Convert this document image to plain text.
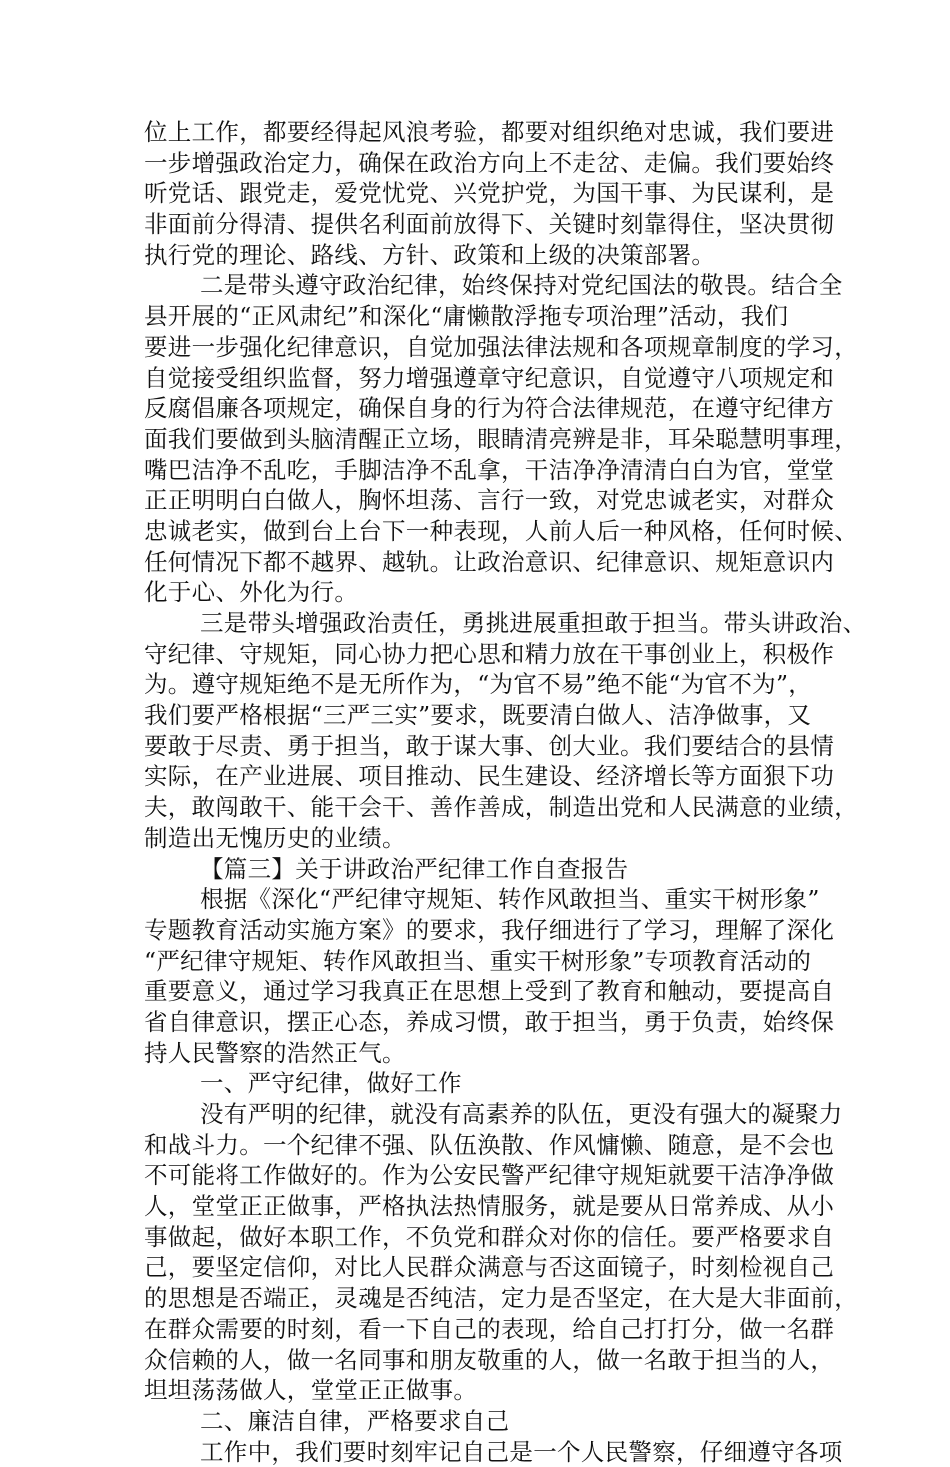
位上工作，都要经得起风浪考验，都要对组织绝对忠诚，我们要进
一步增强政治定力，确保在政治方向上不走岔、走偏。我们要始终
听党话、跟党走，爱党忧党、兴党护党，为国干事、为民谋利，是
非面前分得清、提供名利面前放得下、关键时刻靠得住，坚决贯彻
执行党的理论、路线、方针、政策和上级的决策部署。
二是带头遵守政治纪律，始终保持对党纪国法的敬畏。结合全
县开展的“正风肃纪”和深化“庸懒散浮拖专项治理”活动，我们
要进一步强化纪律意识，自觉加强法律法规和各项规章制度的学习，
自觉接受组织监督，努力增强遵章守纪意识，自觉遵守八项规定和
反腐倡廉各项规定，确保自身的行为符合法律规范，在遵守纪律方
面我们要做到头脑清醒正立场，眼睛清亮辨是非，耳朵聪慧明事理，
嘴巴洁净不乱吃，手脚洁净不乱拿，干洁净净清清白白为官，堂堂
正正明明白白做人，胸怀坦荡、言行一致，对党忠诚老实，对群众
忠诚老实，做到台上台下一种表现，人前人后一种风格，任何时候、
任何情况下都不越界、越轨。让政治意识、纪律意识、规矩意识内
化于心、外化为行。
三是带头增强政治责任，勇挑进展重担敢于担当。带头讲政治、
守纪律、守规矩，同心协力把心思和精力放在干事创业上，积极作
为。遵守规矩绝不是无所作为，“为官不易”绝不能“为官不为”，
我们要严格根据“三严三实”要求，既要清白做人、洁净做事，又
要敢于尽责、勇于担当，敢于谋大事、创大业。我们要结合的县情
实际，在产业进展、项目推动、民生建设、经济增长等方面狠下功
夫，敢闯敢干、能干会干、善作善成，制造出党和人民满意的业绩，
制造出无愧历史的业绩。
【篇三】关于讲政治严纪律工作自查报告
根据《深化“严纪律守规矩、转作风敢担当、重实干树形象”
专题教育活动实施方案》的要求，我仔细进行了学习，理解了深化
“严纪律守规矩、转作风敢担当、重实干树形象”专项教育活动的
重要意义，通过学习我真正在思想上受到了教育和触动，要提高自
省自律意识，摆正心态，养成习惯，敢于担当，勇于负责，始终保
持人民警察的浩然正气。
一、严守纪律，做好工作
没有严明的纪律，就没有高素养的队伍，更没有强大的凝聚力
和战斗力。一个纪律不强、队伍涣散、作风慵懒、随意，是不会也
不可能将工作做好的。作为公安民警严纪律守规矩就要干洁净净做
人，堂堂正正做事，严格执法热情服务，就是要从日常养成、从小
事做起，做好本职工作，不负党和群众对你的信任。要严格要求自
己，要坚定信仰，对比人民群众满意与否这面镜子，时刻检视自己
的思想是否端正，灵魂是否纯洁，定力是否坚定，在大是大非面前，
在群众需要的时刻，看一下自己的表现，给自己打打分，做一名群
众信赖的人，做一名同事和朋友敬重的人，做一名敢于担当的人，
坦坦荡荡做人，堂堂正正做事。
二、廉洁自律，严格要求自己
工作中，我们要时刻牢记自己是一个人民警察，仔细遵守各项
